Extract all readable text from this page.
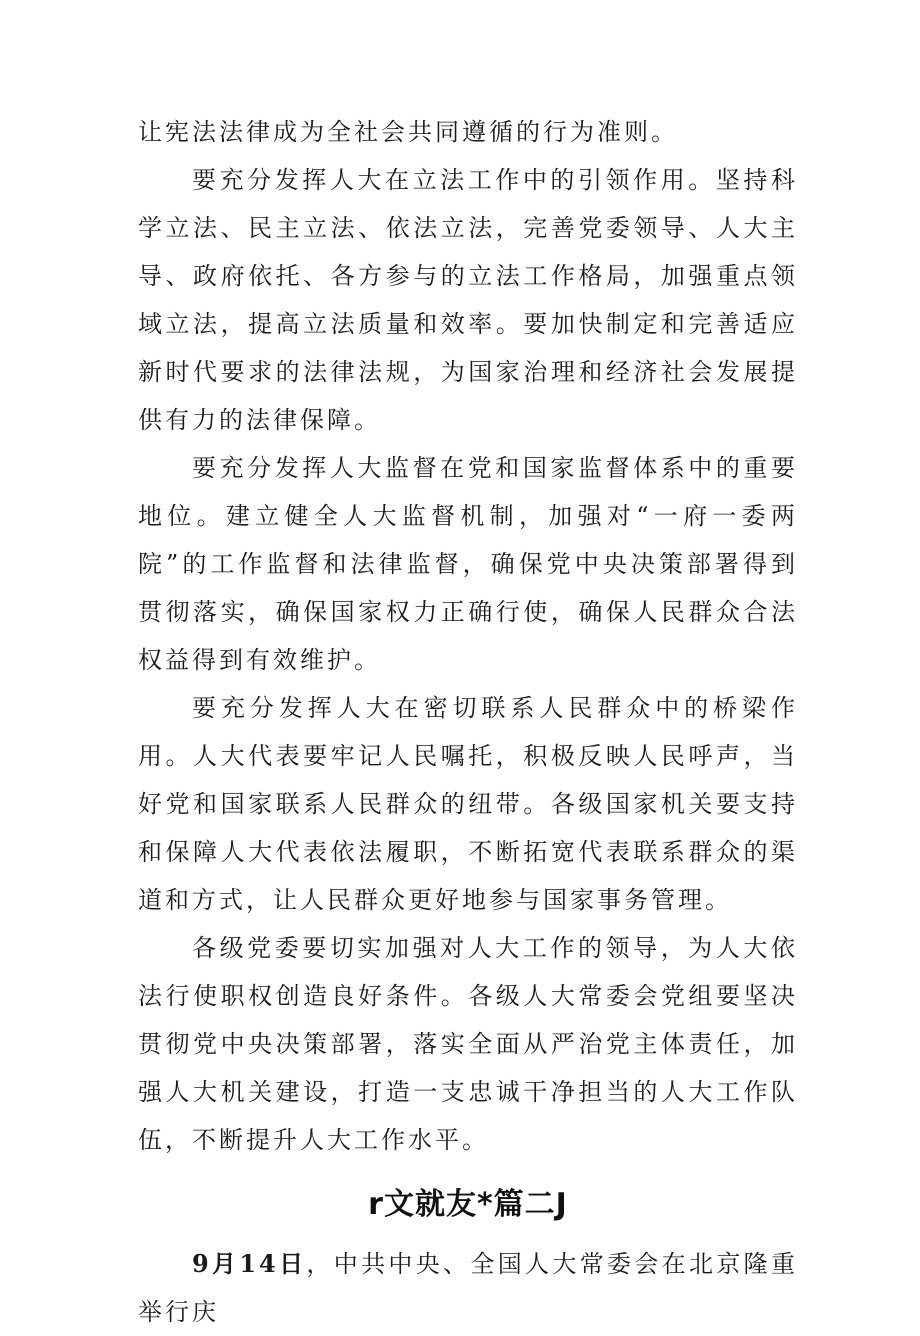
让宪法法律成为全社会共同遵循的行为准则。

要充分发挥人大在立法工作中的引领作用。坚持科学立法、民主立法、依法立法，完善党委领导、人大主导、政府依托、各方参与的立法工作格局，加强重点领域立法，提高立法质量和效率。要加快制定和完善适应新时代要求的法律法规，为国家治理和经济社会发展提供有力的法律保障。

要充分发挥人大监督在党和国家监督体系中的重要地位。建立健全人大监督机制，加强对“一府一委两院”的工作监督和法律监督，确保党中央决策部署得到贯彻落实，确保国家权力正确行使，确保人民群众合法权益得到有效维护。

要充分发挥人大在密切联系人民群众中的桥梁作用。人大代表要牢记人民嘱托，积极反映人民呼声，当好党和国家联系人民群众的纽带。各级国家机关要支持和保障人大代表依法履职，不断拓宽代表联系群众的渠道和方式，让人民群众更好地参与国家事务管理。

各级党委要切实加强对人大工作的领导，为人大依法行使职权创造良好条件。各级人大常委会党组要坚决贯彻党中央决策部署，落实全面从严治党主体责任，加强人大机关建设，打造一支忠诚干净担当的人大工作队伍，不断提升人大工作水平。

r文就友*篇二J

9月14日，中共中央、全国人大常委会在北京隆重举行庆
